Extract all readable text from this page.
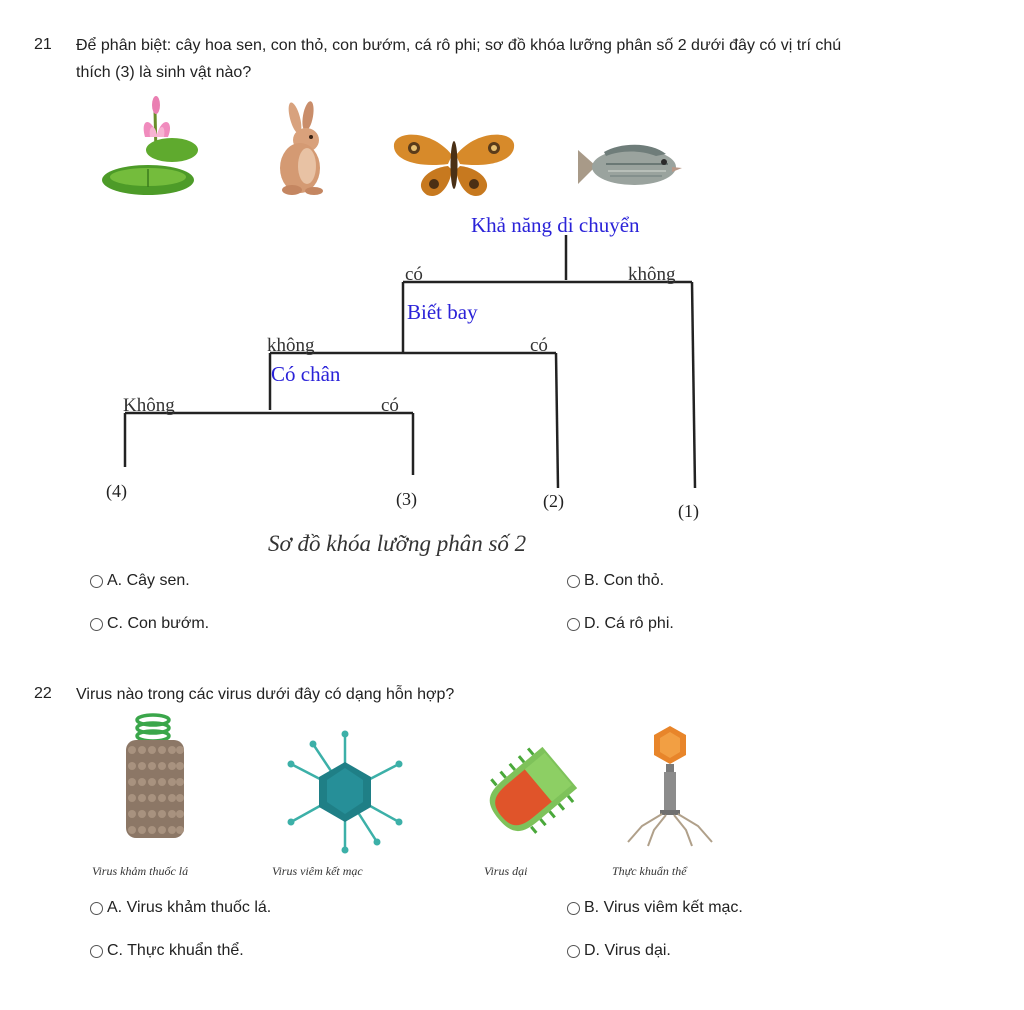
21 Để phân biệt: cây hoa sen, con thỏ, con bướm, cá rô phi; sơ đồ khóa lưỡng phân số 2 dưới đây có vị trí chú
thích (3) là sinh vật nào?
Khả năng di chuyển
có	không
Biết bay
không	có
Có chân
Không	có
(4)	(3)	(2)	(1)
Sơ đồ khóa lưỡng phân số 2
A. Cây sen.	B. Con thỏ.
C. Con bướm.	D. Cá rô phi.
22 Virus nào trong các virus dưới đây có dạng hỗn hợp?
Virus khảm thuốc lá	Virus viêm kết mạc	Virus dại	Thực khuẩn thể
A. Virus khảm thuốc lá.	B. Virus viêm kết mạc.
C. Thực khuẩn thể.	D. Virus dại.
